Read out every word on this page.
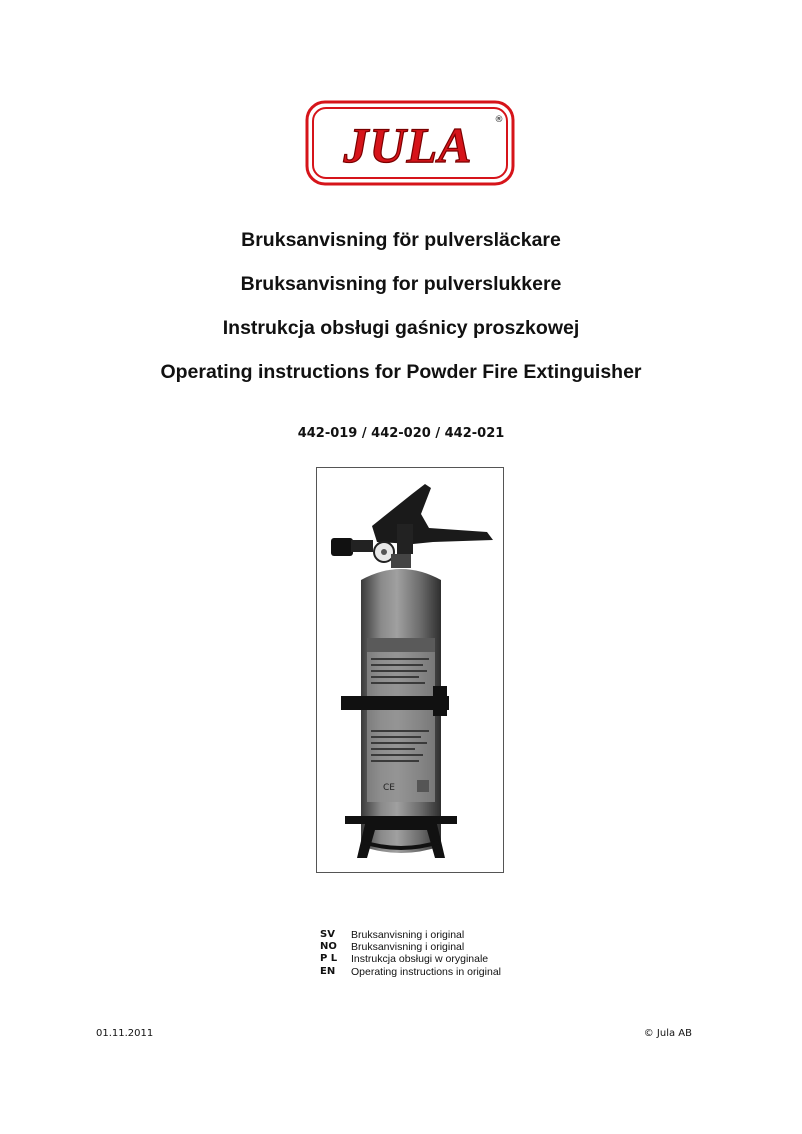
JULA ®
Bruksanvisning för pulversläckare
Bruksanvisning for pulverslukkere
Instrukcja obsługi gaśnicy proszkowej
Operating instructions for Powder Fire Extinguisher
442-019 / 442-020 / 442-021
CE
SV	Bruksanvisning i original
NO	Bruksanvisning i original
P L	Instrukcja obsługi w oryginale
EN	Operating instructions in original
01.11.2011	© Jula AB
